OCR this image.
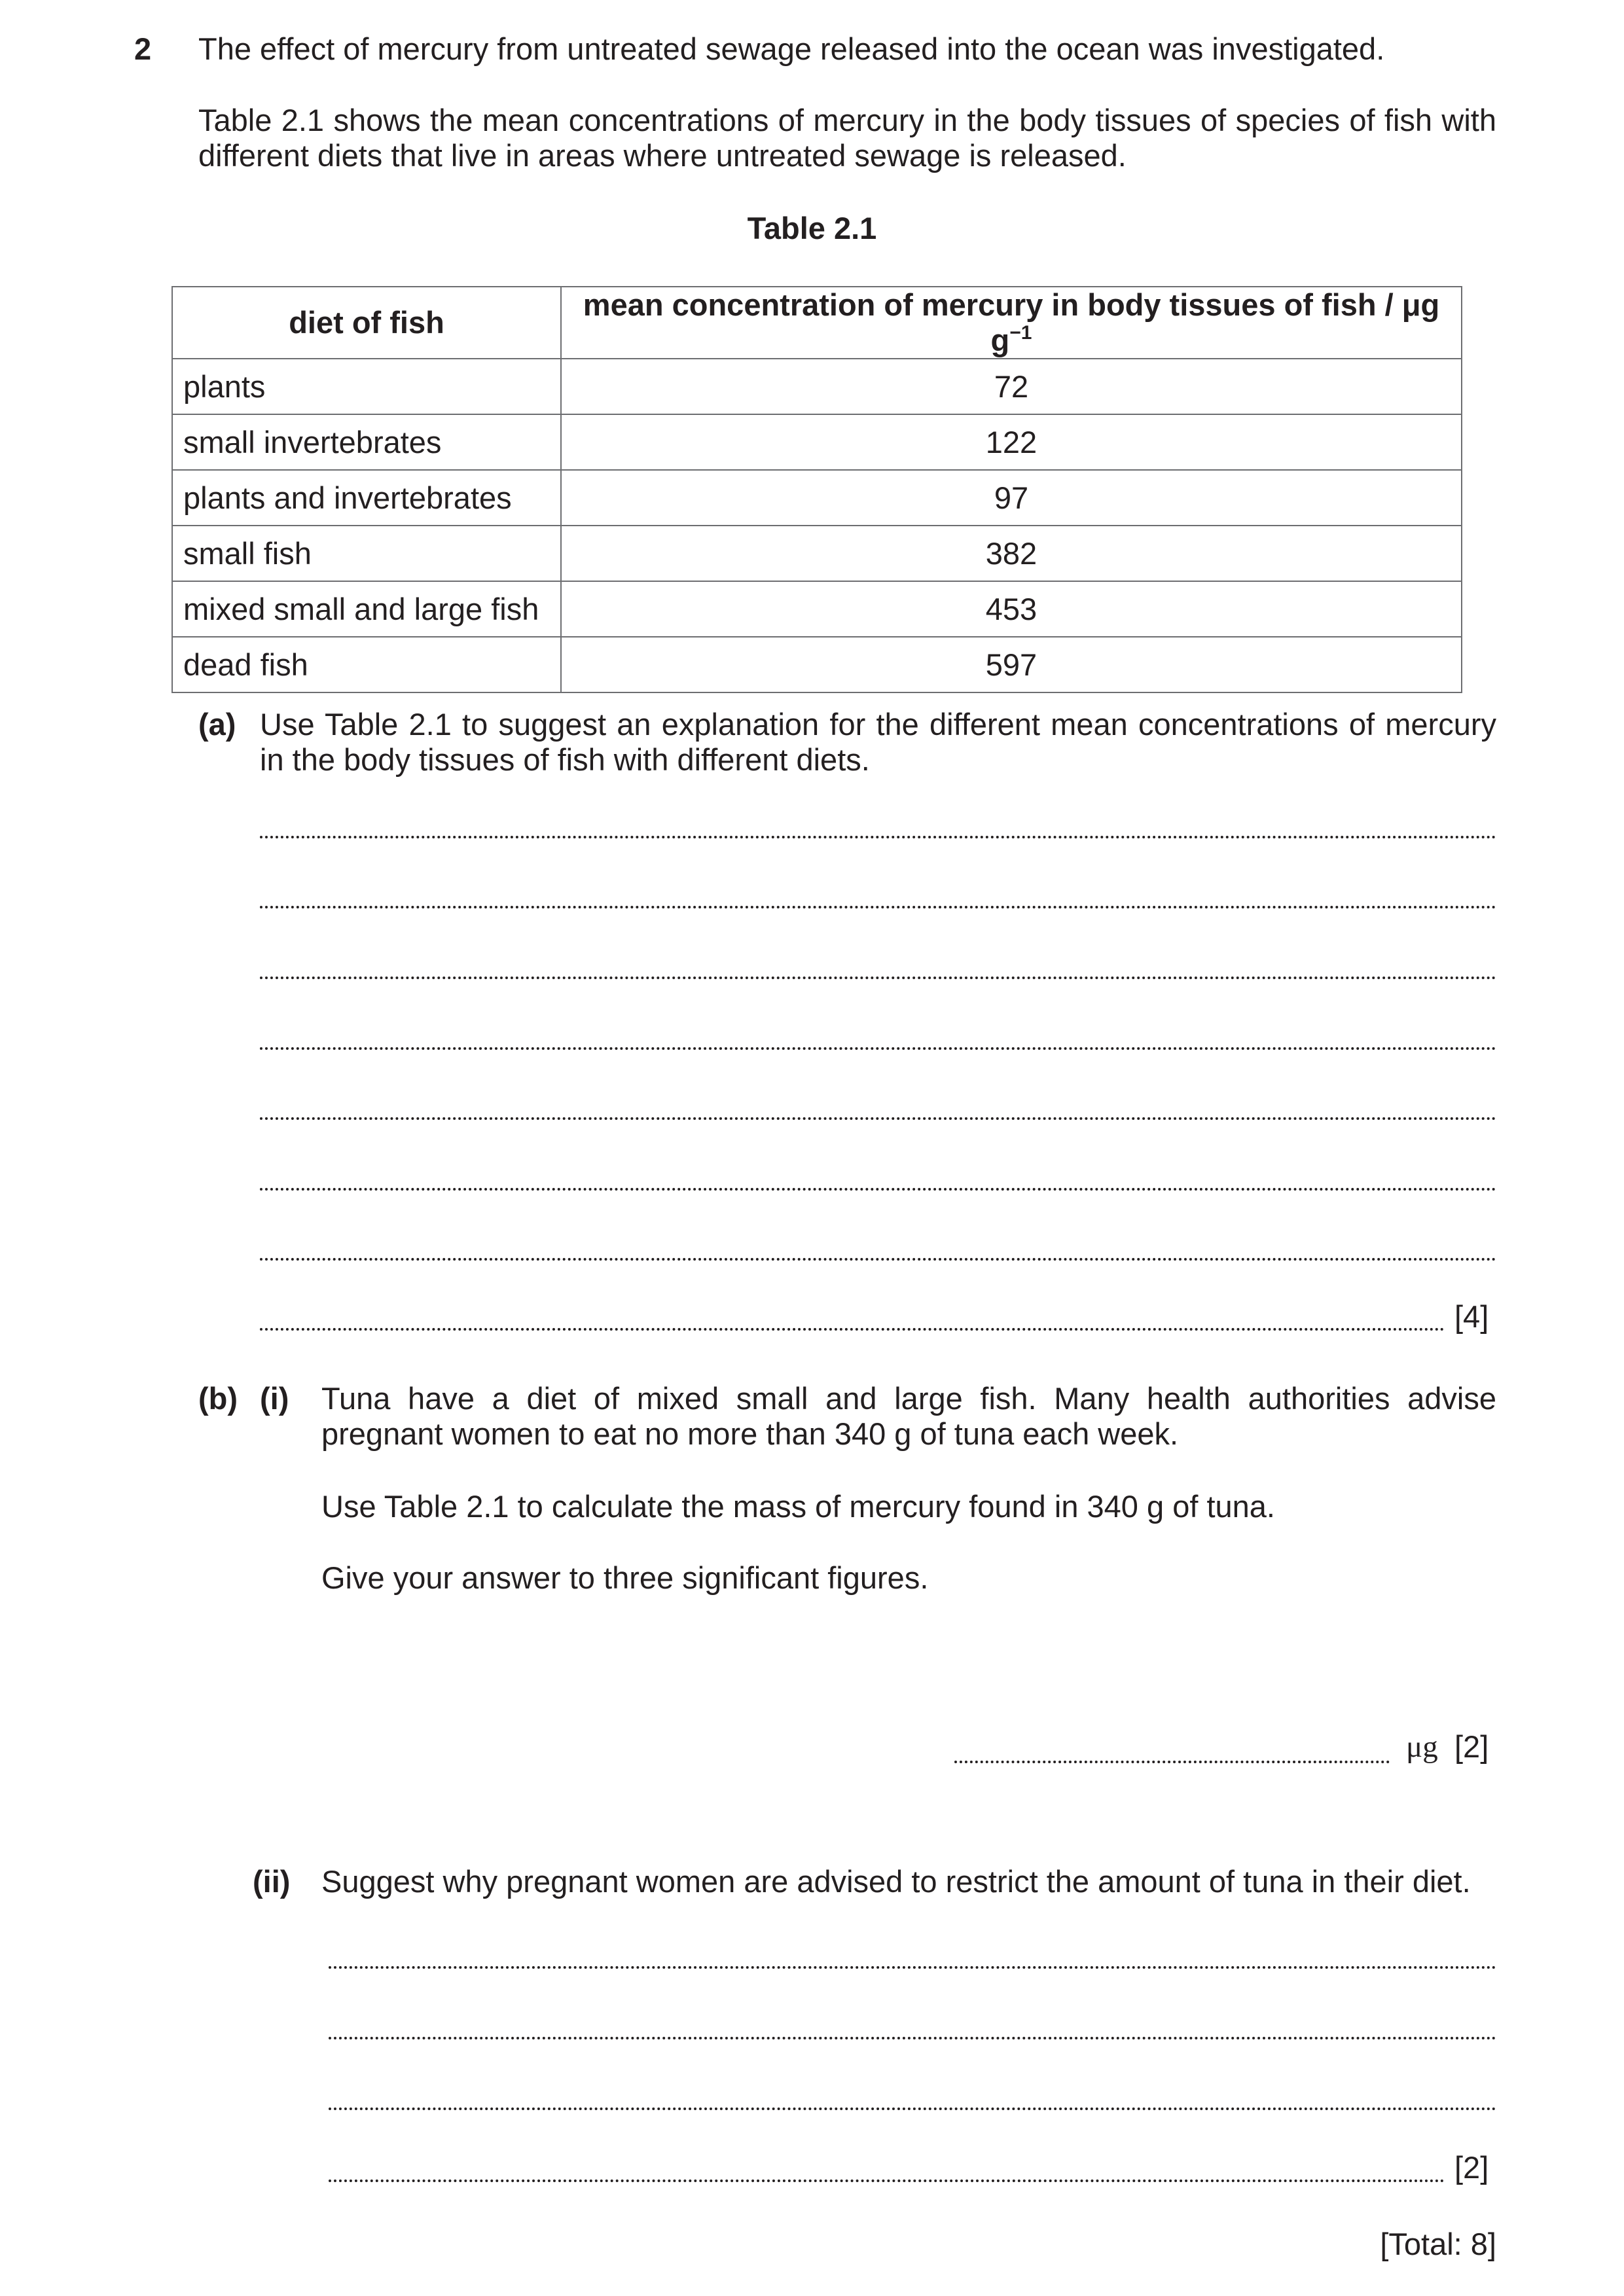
2 The effect of mercury from untreated sewage released into the ocean was investigated.
Table 2.1 shows the mean concentrations of mercury in the body tissues of species of fish with different diets that live in areas where untreated sewage is released.
Table 2.1
diet of fish	mean concentration of mercury in body tissues of fish / μg $g^{-1}$
plants	72
small invertebrates	122
plants and invertebrates	97
small fish	382
mixed small and large fish	453
dead fish	597
(a) Use Table 2.1 to suggest an explanation for the different mean concentrations of mercury in the body tissues of fish with different diets.
[4]
(b) (i) Tuna have a diet of mixed small and large fish. Many health authorities advise pregnant women to eat no more than 340 g of tuna each week.
Use Table 2.1 to calculate the mass of mercury found in 340 g of tuna.
Give your answer to three significant figures.
μg [2]
(ii) Suggest why pregnant women are advised to restrict the amount of tuna in their diet.
[2]
[Total: 8]
